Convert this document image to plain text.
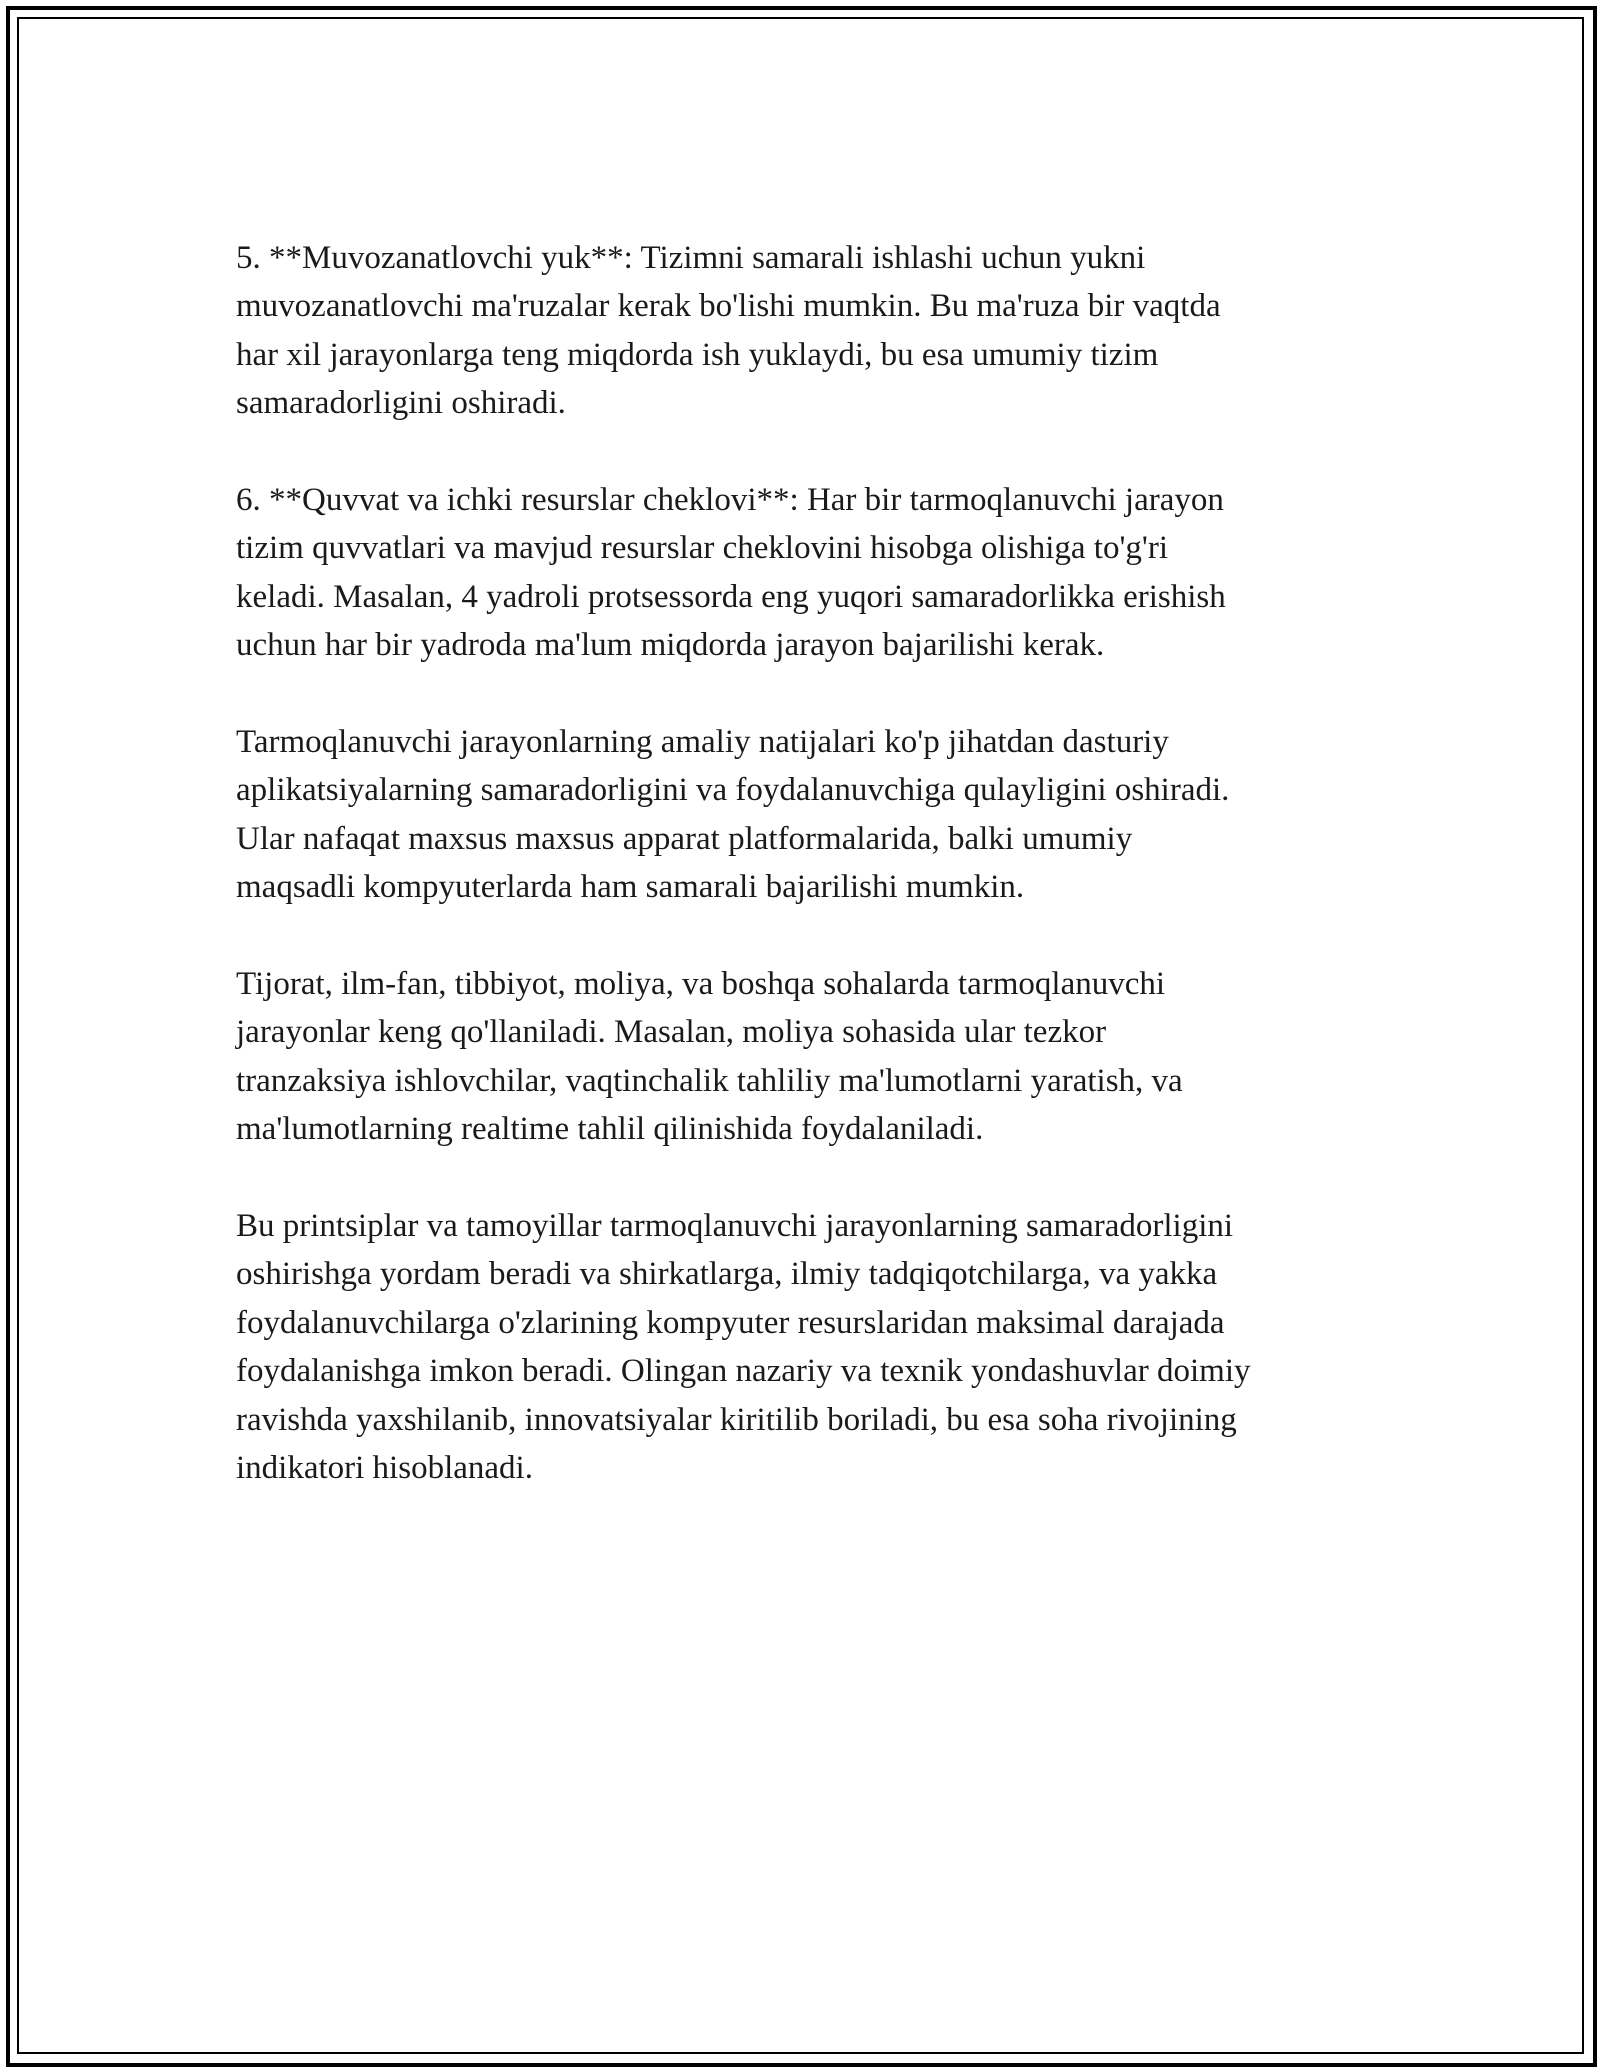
5. **Muvozanatlovchi yuk**: Tizimni samarali ishlashi uchun yukni
muvozanatlovchi ma'ruzalar kerak bo'lishi mumkin. Bu ma'ruza bir vaqtda
har xil jarayonlarga teng miqdorda ish yuklaydi, bu esa umumiy tizim
samaradorligini oshiradi.
6. **Quvvat va ichki resurslar cheklovi**: Har bir tarmoqlanuvchi jarayon
tizim quvvatlari va mavjud resurslar cheklovini hisobga olishiga to'g'ri
keladi. Masalan, 4 yadroli protsessorda eng yuqori samaradorlikka erishish
uchun har bir yadroda ma'lum miqdorda jarayon bajarilishi kerak.
Tarmoqlanuvchi jarayonlarning amaliy natijalari ko'p jihatdan dasturiy
aplikatsiyalarning samaradorligini va foydalanuvchiga qulayligini oshiradi.
Ular nafaqat maxsus maxsus apparat platformalarida, balki umumiy
maqsadli kompyuterlarda ham samarali bajarilishi mumkin.
Tijorat, ilm-fan, tibbiyot, moliya, va boshqa sohalarda tarmoqlanuvchi
jarayonlar keng qo'llaniladi. Masalan, moliya sohasida ular tezkor
tranzaksiya ishlovchilar, vaqtinchalik tahliliy ma'lumotlarni yaratish, va
ma'lumotlarning realtime tahlil qilinishida foydalaniladi.
Bu printsiplar va tamoyillar tarmoqlanuvchi jarayonlarning samaradorligini
oshirishga yordam beradi va shirkatlarga, ilmiy tadqiqotchilarga, va yakka
foydalanuvchilarga o'zlarining kompyuter resurslaridan maksimal darajada
foydalanishga imkon beradi. Olingan nazariy va texnik yondashuvlar doimiy
ravishda yaxshilanib, innovatsiyalar kiritilib boriladi, bu esa soha rivojining
indikatori hisoblanadi.
